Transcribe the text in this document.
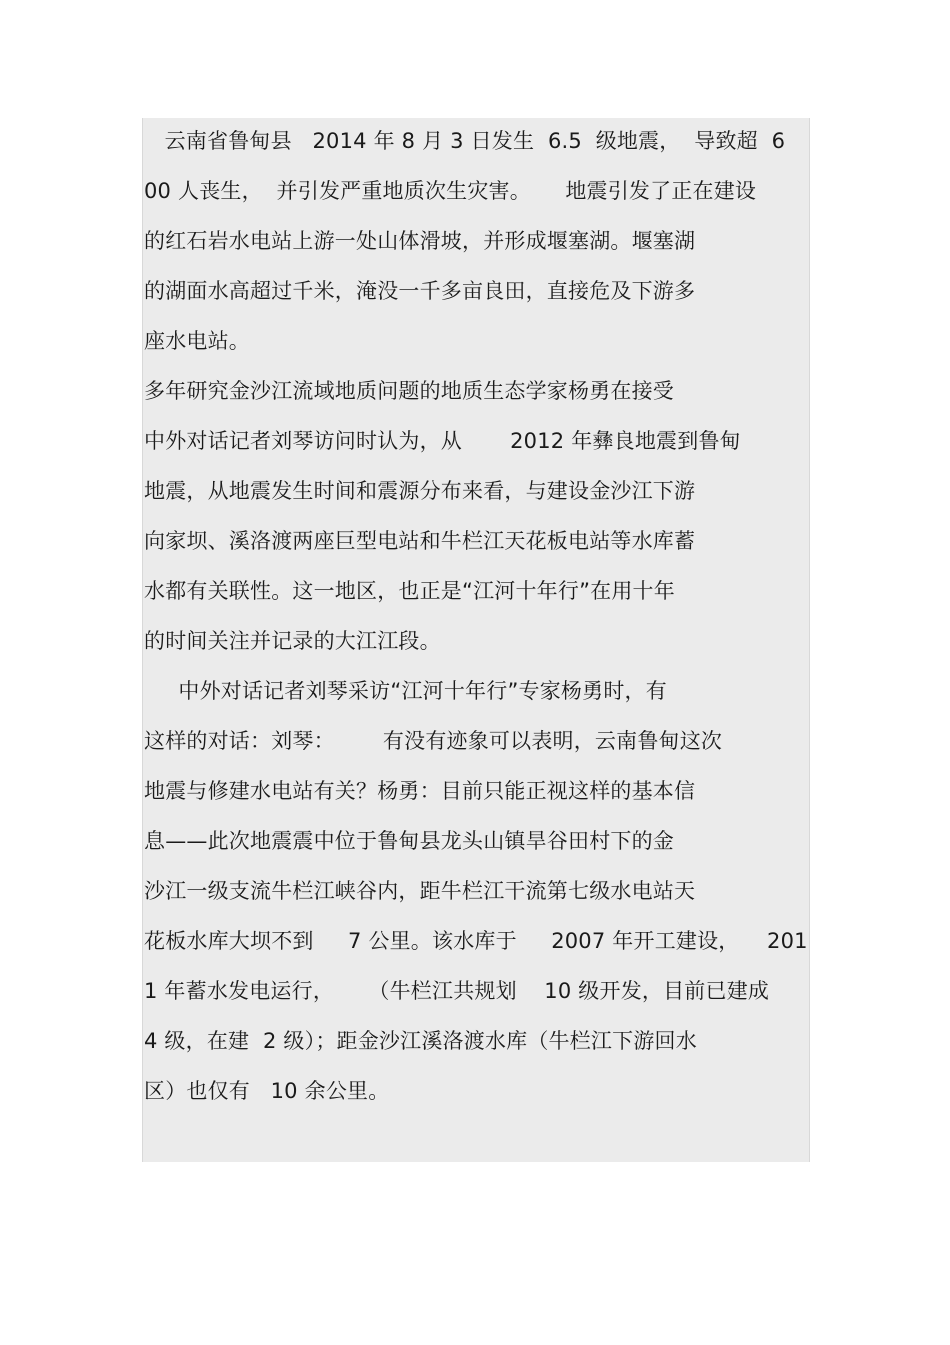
云南省鲁甸县   2014 年 8 月 3 日发生  6.5  级地震，  导致超  6
00 人丧生，  并引发严重地质次生灾害。     地震引发了正在建设
的红石岩水电站上游一处山体滑坡，并形成堰塞湖。堰塞湖
的湖面水高超过千米，淹没一千多亩良田，直接危及下游多
座水电站。
多年研究金沙江流域地质问题的地质生态学家杨勇在接受
中外对话记者刘琴访问时认为，从       2012 年彝良地震到鲁甸
地震，从地震发生时间和震源分布来看，与建设金沙江下游
向家坝、溪洛渡两座巨型电站和牛栏江天花板电站等水库蓄
水都有关联性。这一地区，也正是“江河十年行”在用十年
的时间关注并记录的大江江段。
中外对话记者刘琴采访“江河十年行”专家杨勇时，有
这样的对话：刘琴：       有没有迹象可以表明，云南鲁甸这次
地震与修建水电站有关？杨勇：目前只能正视这样的基本信
息——此次地震震中位于鲁甸县龙头山镇旱谷田村下的金
沙江一级支流牛栏江峡谷内，距牛栏江干流第七级水电站天
花板水库大坝不到     7 公里。该水库于     2007 年开工建设，    201
1 年蓄水发电运行，     （牛栏江共规划    10 级开发，目前已建成
4 级，在建  2 级）；距金沙江溪洛渡水库（牛栏江下游回水
区）也仅有   10 余公里。
